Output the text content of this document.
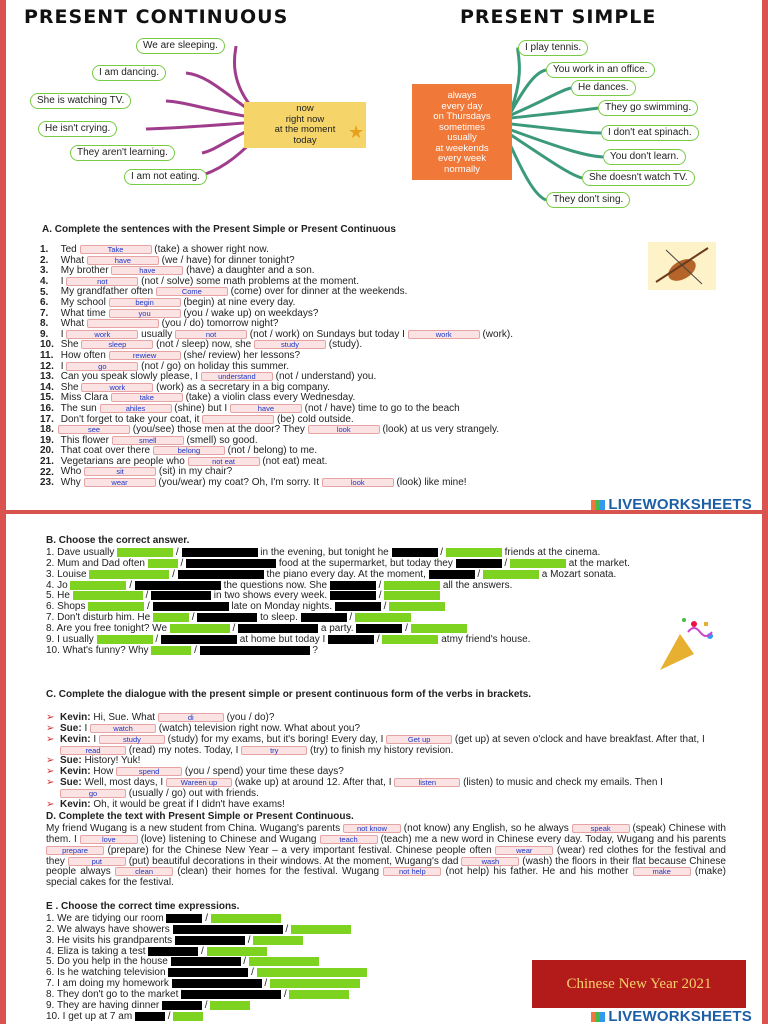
PRESENT CONTINUOUS	PRESENT SIMPLE
We are sleeping.
I am dancing.
She is watching TV.
He isn't crying.
They aren't learning.
I am not eating.
now
right now
at the moment
today	★
always
every day
on Thursdays
sometimes
usually
at weekends
every week
normally
I play tennis.
You work in an office.
He dances.
They go swimming.
I don't eat spinach.
You don't learn.
She doesn't watch TV.
They don't sing.
A. Complete the sentences with the Present Simple or Present Continuous
1. Ted	Take	(take) a shower right now.
2. What	have	(we / have) for dinner tonight?
3. My brother	have	(have) a daughter and a son.
4. I	not	(not / solve) some math problems at the moment.
5. My grandfather often	Come	(come) over for dinner at the weekends.
6. My school	begin	(begin) at nine every day.
7. What time	you	(you / wake up) on weekdays?
8. What	(you / do) tomorrow night?
9. I	work	usually	not	(not / work) on Sundays but today I	work	(work).
10. She	sleep	(not / sleep) now, she	study	(study).
11. How often	rewiew (she/ review) her lessons?
12. I	go	(not / go) on holiday this summer.
13. Can you speak slowly please, I understand (not / understand) you.
14. She	work	(work) as a secretary in a big company.
15. Miss Clara	take	(take) a violin class every Wednesday.
16. The sun	ahiles	(shine) but I	have	(not / have) time to go to the beach
17. Don't forget to take your coat, it	(be) cold outside.
18.	see	(you/see) those men at the door? They	look	(look) at us very strangely.
19. This flower	smell	(smell) so good.
20. That coat over there	belong (not / belong) to me.
21. Vegetarians are people who	not eat (not eat) meat.
22. Who	sit	(sit) in my chair?
23. Why	wear	(you/wear) my coat? Oh, I'm sorry. It	look	(look) like mine!
LIVEWORKSHEETS
B. Choose the correct answer.
1. Dave usually	/	in the evening, but tonight he	/	friends at the cinema.
2. Mum and Dad often	/	food at the supermarket, but today they	/	at the market.
3. Louise	/	the piano every day. At the moment,	/	a Mozart sonata.
4. Jo	/	the questions now. She	/	all the answers.
5. He	/	in two shows every week.	/
6. Shops	/	late on Monday nights.	/
7. Don't disturb him. He	/	to sleep.	/
8. Are you free tonight? We	/	a party.	/
9. I usually	/	at home but today I	/	atmy friend's house.
10. What's funny? Why	/	?
C. Complete the dialogue with the present simple or present continuous form of the verbs in brackets.
➢ Kevin: Hi, Sue. What	di	(you / do)?
➢ Sue: I	watch (watch) television right now. What about you?
➢ Kevin: I	study (study) for my exams, but it's boring! Every day, I	Get up (get up) at seven o'clock and have breakfast. After that, I read	(read) my notes. Today, I	try	(try) to finish my history revision.
➢ Sue: History! Yuk!
➢ Kevin: How	spend (you / spend) your time these days?
➢ Sue: Well, most days, I Wareen up (wake up) at around 12. After that, I	listen (listen) to music and check my emails. Then I go	(usually / go) out with friends.
➢ Kevin: Oh, it would be great if I didn't have exams!
D. Complete the text with Present Simple or Present Continuous.
My friend Wugang is a new student from China. Wugang's parents not know (not know) any English, so he always	speak (speak) Chinese with them. I	love (love) listening to Chinese and Wugang	teach (teach) me a new word in Chinese every day. Today, Wugang and his parents prepare (prepare) for the Chinese New Year – a very important festival. Chinese people often	wear (wear) red clothes for the festival and they	put (put) beautiful decorations in their windows. At the moment, Wugang's dad	wash (wash) the floors in their flat because Chinese people always	clean (clean) their homes for the festival. Wugang not help (not help) his father. He and his mother	make (make) special cakes for the festival.
E . Choose the correct time expressions.
1. We are tidying our room	/
2. We always have showers	/
3. He visits his grandparents	/
4. Eliza is taking a test	/
5. Do you help in the house	/
6. Is he watching television	/
7. I am doing my homework	/
8. They don't go to the market	/
9. They are having dinner	/
10. I get up at 7 am	/
Chinese New Year 2021
LIVEWORKSHEETS
